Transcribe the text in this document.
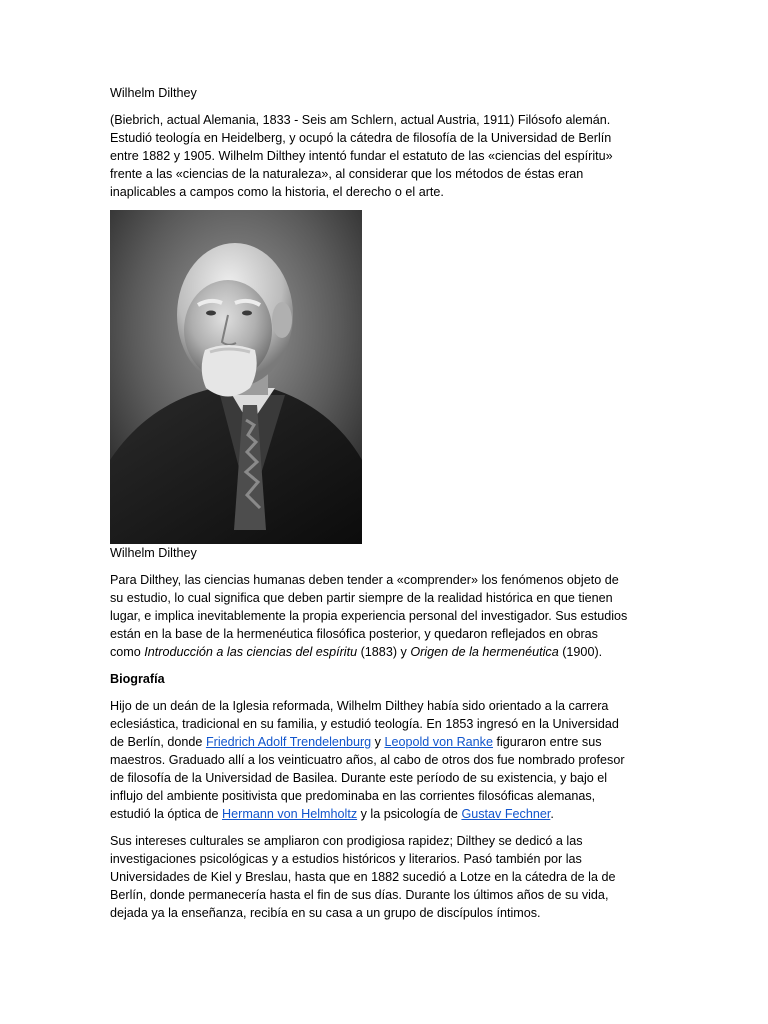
Wilhelm Dilthey

(Biebrich, actual Alemania, 1833 - Seis am Schlern, actual Austria, 1911) Filósofo alemán. Estudió teología en Heidelberg, y ocupó la cátedra de filosofía de la Universidad de Berlín entre 1882 y 1905. Wilhelm Dilthey intentó fundar el estatuto de las «ciencias del espíritu» frente a las «ciencias de la naturaleza», al considerar que los métodos de éstas eran inaplicables a campos como la historia, el derecho o el arte.

Wilhelm Dilthey

Para Dilthey, las ciencias humanas deben tender a «comprender» los fenómenos objeto de su estudio, lo cual significa que deben partir siempre de la realidad histórica en que tienen lugar, e implica inevitablemente la propia experiencia personal del investigador. Sus estudios están en la base de la hermenéutica filosófica posterior, y quedaron reflejados en obras como Introducción a las ciencias del espíritu (1883) y Origen de la hermenéutica (1900).

Biografía

Hijo de un deán de la Iglesia reformada, Wilhelm Dilthey había sido orientado a la carrera eclesiástica, tradicional en su familia, y estudió teología. En 1853 ingresó en la Universidad de Berlín, donde Friedrich Adolf Trendelenburg y Leopold von Ranke figuraron entre sus maestros. Graduado allí a los veinticuatro años, al cabo de otros dos fue nombrado profesor de filosofía de la Universidad de Basilea. Durante este período de su existencia, y bajo el influjo del ambiente positivista que predominaba en las corrientes filosóficas alemanas, estudió la óptica de Hermann von Helmholtz y la psicología de Gustav Fechner.

Sus intereses culturales se ampliaron con prodigiosa rapidez; Dilthey se dedicó a las investigaciones psicológicas y a estudios históricos y literarios. Pasó también por las Universidades de Kiel y Breslau, hasta que en 1882 sucedió a Lotze en la cátedra de la de Berlín, donde permanecería hasta el fin de sus días. Durante los últimos años de su vida, dejada ya la enseñanza, recibía en su casa a un grupo de discípulos íntimos.
